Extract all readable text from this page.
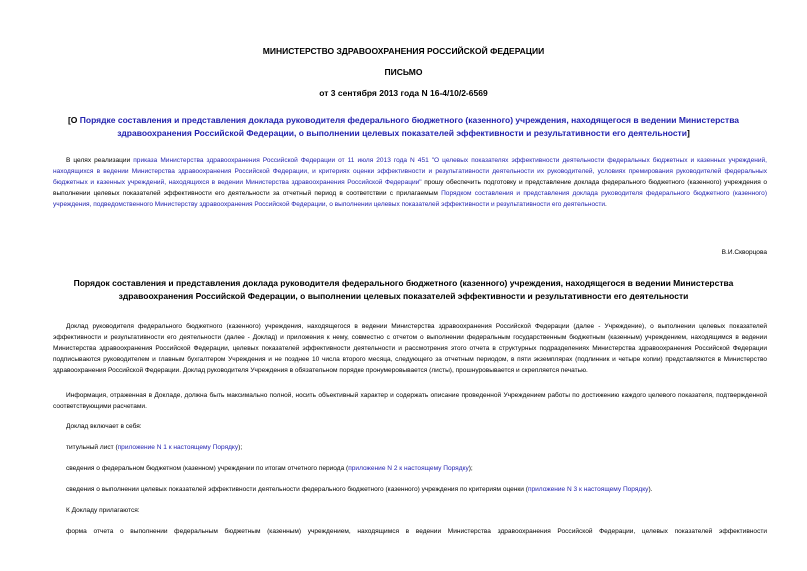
МИНИСТЕРСТВО ЗДРАВООХРАНЕНИЯ РОССИЙСКОЙ ФЕДЕРАЦИИ
ПИСЬМО
от 3 сентября 2013 года N 16-4/10/2-6569
[О Порядке составления и представления доклада руководителя федерального бюджетного (казенного) учреждения, находящегося в ведении Министерства здравоохранения Российской Федерации, о выполнении целевых показателей эффективности и результативности его деятельности]
В целях реализации приказа Министерства здравоохранения Российской Федерации от 11 июля 2013 года N 451 "О целевых показателях эффективности деятельности федеральных бюджетных и казенных учреждений, находящихся в ведении Министерства здравоохранения Российской Федерации, и критериях оценки эффективности и результативности деятельности их руководителей, условиях премирования руководителей федеральных бюджетных и казенных учреждений, находящихся в ведении Министерства здравоохранения Российской Федерации" прошу обеспечить подготовку и представление доклада федерального бюджетного (казенного) учреждения о выполнении целевых показателей эффективности его деятельности за отчетный период в соответствии с прилагаемым Порядком составления и представления доклада руководителя федерального бюджетного (казенного) учреждения, подведомственного Министерству здравоохранения Российской Федерации, о выполнении целевых показателей эффективности и результативности его деятельности.
В.И.Скворцова
Порядок составления и представления доклада руководителя федерального бюджетного (казенного) учреждения, находящегося в ведении Министерства здравоохранения Российской Федерации, о выполнении целевых показателей эффективности и результативности его деятельности
Доклад руководителя федерального бюджетного (казенного) учреждения, находящегося в ведении Министерства здравоохранения Российской Федерации (далее - Учреждение), о выполнении целевых показателей эффективности и результативности его деятельности (далее - Доклад) и приложения к нему, совместно с отчетом о выполнении федеральным государственным бюджетным (казенным) учреждением, находящимся в ведении Министерства здравоохранения Российской Федерации, целевых показателей эффективности деятельности и рассмотрения этого отчета в структурных подразделениях Министерства здравоохранения Российской Федерации подписываются руководителем и главным бухгалтером Учреждения и не позднее 10 числа второго месяца, следующего за отчетным периодом, в пяти экземплярах (подлинник и четыре копии) представляются в Министерство здравоохранения Российской Федерации. Доклад руководителя Учреждения в обязательном порядке пронумеровывается (листы), прошнуровывается и скрепляется печатью.
Информация, отраженная в Докладе, должна быть максимально полной, носить объективный характер и содержать описание проведенной Учреждением работы по достижению каждого целевого показателя, подтвержденной соответствующими расчетами.
Доклад включает в себя:
титульный лист (приложение N 1 к настоящему Порядку);
сведения о федеральном бюджетном (казенном) учреждении по итогам отчетного периода (приложение N 2 к настоящему Порядку);
сведения о выполнении целевых показателей эффективности деятельности федерального бюджетного (казенного) учреждения по критериям оценки (приложение N 3 к настоящему Порядку).
К Докладу прилагаются:
форма отчета о выполнении федеральным бюджетным (казенным) учреждением, находящимся в ведении Министерства здравоохранения Российской Федерации, целевых показателей эффективности
